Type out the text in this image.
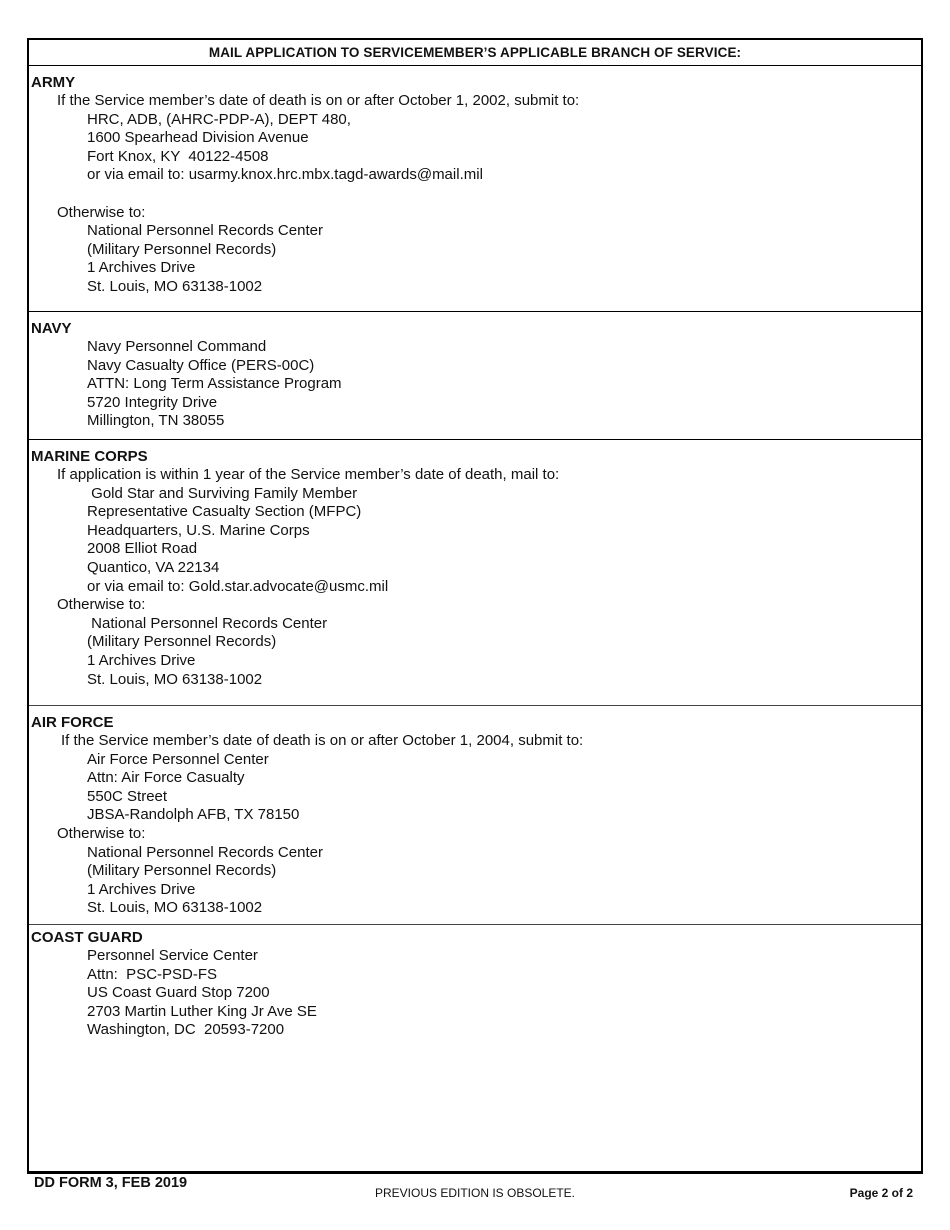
MAIL APPLICATION TO SERVICEMEMBER’S APPLICABLE BRANCH OF SERVICE:
ARMY
If the Service member’s date of death is on or after October 1, 2002, submit to:
HRC, ADB, (AHRC-PDP-A), DEPT 480,
1600 Spearhead Division Avenue
Fort Knox, KY  40122-4508
or via email to: usarmy.knox.hrc.mbx.tagd-awards@mail.mil
Otherwise to:
National Personnel Records Center
(Military Personnel Records)
1 Archives Drive
St. Louis, MO 63138-1002
NAVY
Navy Personnel Command
Navy Casualty Office (PERS-00C)
ATTN: Long Term Assistance Program
5720 Integrity Drive
Millington, TN 38055
MARINE CORPS
If application is within 1 year of the Service member’s date of death, mail to:
Gold Star and Surviving Family Member
Representative Casualty Section (MFPC)
Headquarters, U.S. Marine Corps
2008 Elliot Road
Quantico, VA 22134
or via email to: Gold.star.advocate@usmc.mil
Otherwise to:
National Personnel Records Center
(Military Personnel Records)
1 Archives Drive
St. Louis, MO 63138-1002
AIR FORCE
If the Service member’s date of death is on or after October 1, 2004, submit to:
Air Force Personnel Center
Attn: Air Force Casualty
550C Street
JBSA-Randolph AFB, TX 78150
Otherwise to:
National Personnel Records Center
(Military Personnel Records)
1 Archives Drive
St. Louis, MO 63138-1002
COAST GUARD
Personnel Service Center
Attn:  PSC-PSD-FS
US Coast Guard Stop 7200
2703 Martin Luther King Jr Ave SE
Washington, DC  20593-7200
DD FORM 3, FEB 2019
PREVIOUS EDITION IS OBSOLETE.	Page 2 of 2
